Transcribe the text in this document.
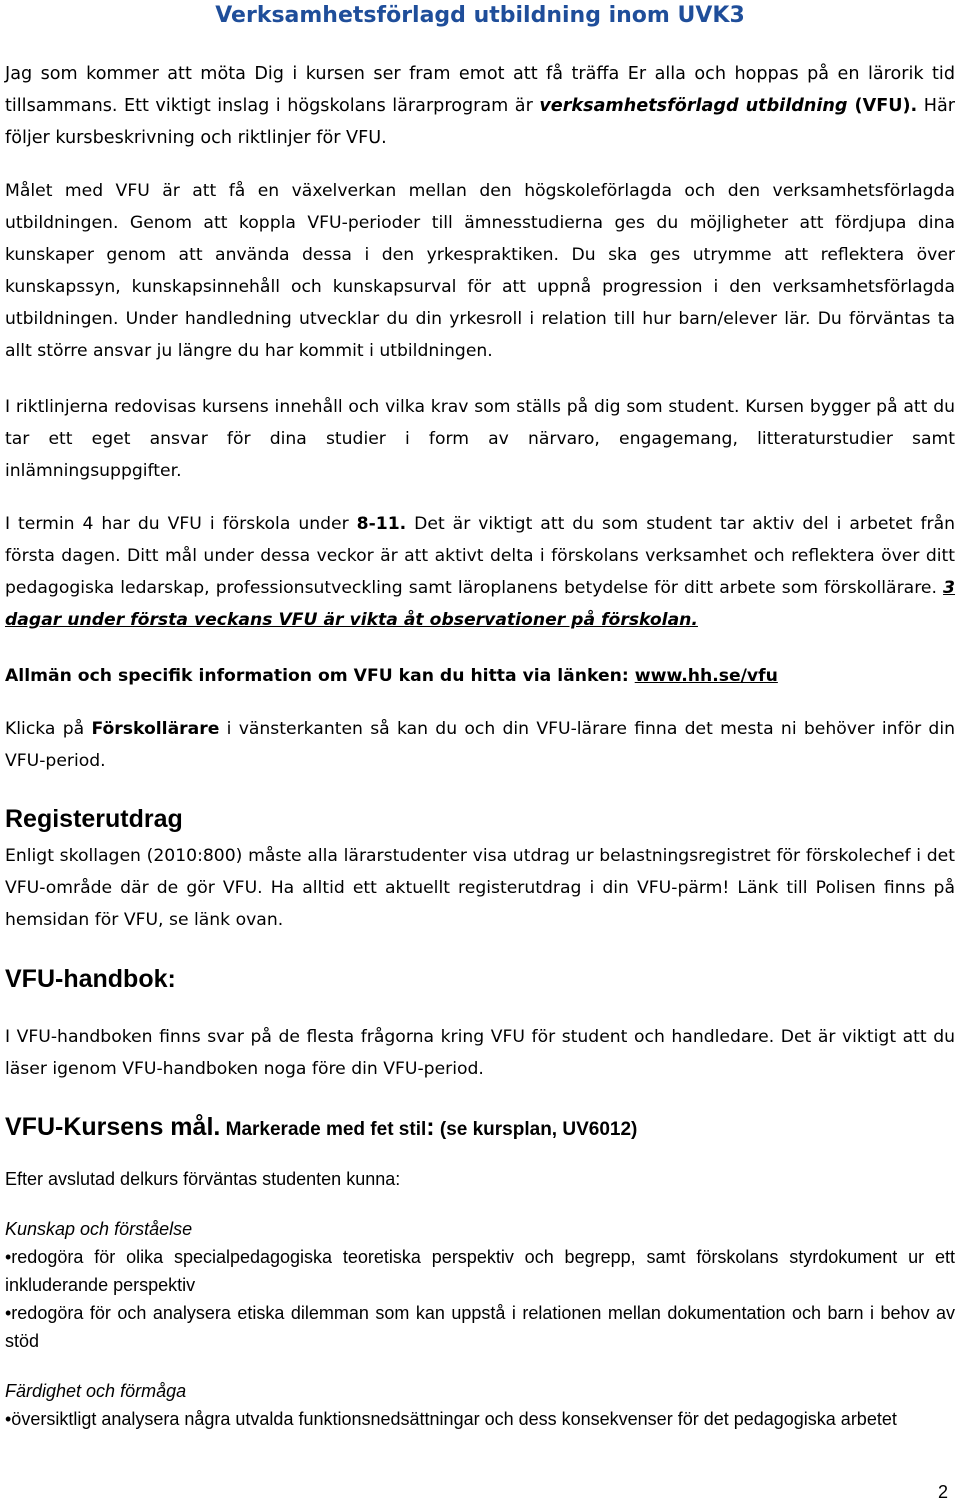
Verksamhetsförlagd utbildning inom UVK3

Jag som kommer att möta Dig i kursen ser fram emot att få träffa Er alla och hoppas på en lärorik tid tillsammans. Ett viktigt inslag i högskolans lärarprogram är verksamhetsförlagd utbildning (VFU). Här följer kursbeskrivning och riktlinjer för VFU.

Målet med VFU är att få en växelverkan mellan den högskoleförlagda och den verksamhetsförlagda utbildningen. Genom att koppla VFU-perioder till ämnesstudierna ges du möjligheter att fördjupa dina kunskaper genom att använda dessa i den yrkespraktiken. Du ska ges utrymme att reflektera över kunskapssyn, kunskapsinnehåll och kunskapsurval för att uppnå progression i den verksamhetsförlagda utbildningen. Under handledning utvecklar du din yrkesroll i relation till hur barn/elever lär. Du förväntas ta allt större ansvar ju längre du har kommit i utbildningen.

I riktlinjerna redovisas kursens innehåll och vilka krav som ställs på dig som student. Kursen bygger på att du tar ett eget ansvar för dina studier i form av närvaro, engagemang, litteraturstudier samt inlämningsuppgifter.

I termin 4 har du VFU i förskola under 8-11. Det är viktigt att du som student tar aktiv del i arbetet från första dagen. Ditt mål under dessa veckor är att aktivt delta i förskolans verksamhet och reflektera över ditt pedagogiska ledarskap, professionsutveckling samt läroplanens betydelse för ditt arbete som förskollärare. 3 dagar under första veckans VFU är vikta åt observationer på förskolan.

Allmän och specifik information om VFU kan du hitta via länken: www.hh.se/vfu

Klicka på Förskollärare i vänsterkanten så kan du och din VFU-lärare finna det mesta ni behöver inför din VFU-period.

Registerutdrag

Enligt skollagen (2010:800) måste alla lärarstudenter visa utdrag ur belastningsregistret för förskolechef i det VFU-område där de gör VFU. Ha alltid ett aktuellt registerutdrag i din VFU-pärm! Länk till Polisen finns på hemsidan för VFU, se länk ovan.

VFU-handbok:

I VFU-handboken finns svar på de flesta frågorna kring VFU för student och handledare. Det är viktigt att du läser igenom VFU-handboken noga före din VFU-period.

VFU-Kursens mål. Markerade med fet stil: (se kursplan, UV6012)

Efter avslutad delkurs förväntas studenten kunna:

Kunskap och förståelse

•redogöra för olika specialpedagogiska teoretiska perspektiv och begrepp, samt förskolans styrdokument ur ett inkluderande perspektiv

•redogöra för och analysera etiska dilemman som kan uppstå i relationen mellan dokumentation och barn i behov av stöd

Färdighet och förmåga

•översiktligt analysera några utvalda funktionsnedsättningar och dess konsekvenser för det pedagogiska arbetet

2
